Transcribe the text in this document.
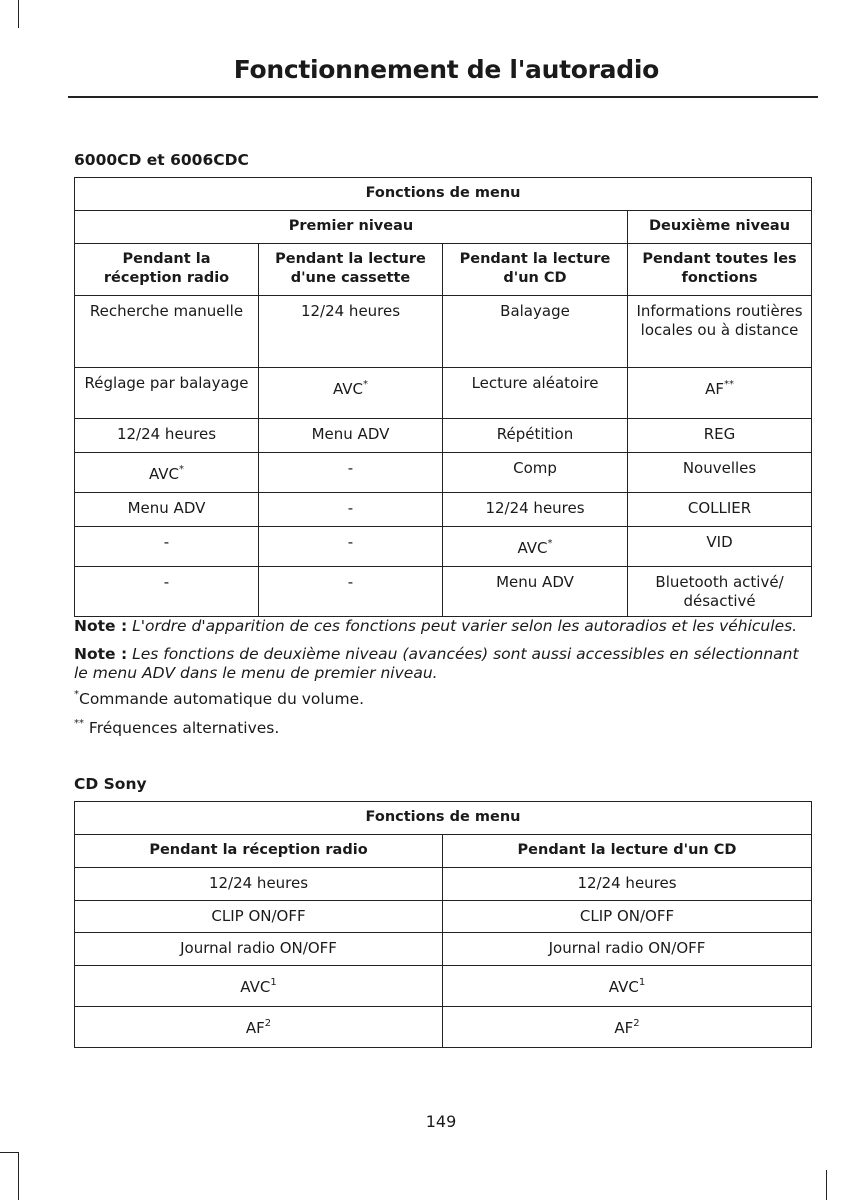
Fonctionnement de l'autoradio
6000CD et 6006CDC
Fonctions de menu			
Premier niveau			Deuxième niveau
Pendant la réception radio	Pendant la lecture d'une cassette	Pendant la lecture d'un CD	Pendant toutes les fonctions
Recherche manuelle	12/24 heures	Balayage	Informations routières locales ou à distance
Réglage par balayage	AVC*	Lecture aléatoire	AF**
12/24 heures	Menu ADV	Répétition	REG
AVC*	-	Comp	Nouvelles
Menu ADV	-	12/24 heures	COLLIER
-	-	AVC*	VID
-	-	Menu ADV	Bluetooth activé/ désactivé
Note : L'ordre d'apparition de ces fonctions peut varier selon les autoradios et les véhicules.
Note : Les fonctions de deuxième niveau (avancées) sont aussi accessibles en sélectionnant le menu ADV dans le menu de premier niveau.
*Commande automatique du volume.
** Fréquences alternatives.
CD Sony
Fonctions de menu	
Pendant la réception radio	Pendant la lecture d'un CD
12/24 heures	12/24 heures
CLIP ON/OFF	CLIP ON/OFF
Journal radio ON/OFF	Journal radio ON/OFF
AVC$^1$	AVC$^1$
$AF^2$	$AF^2$
149
